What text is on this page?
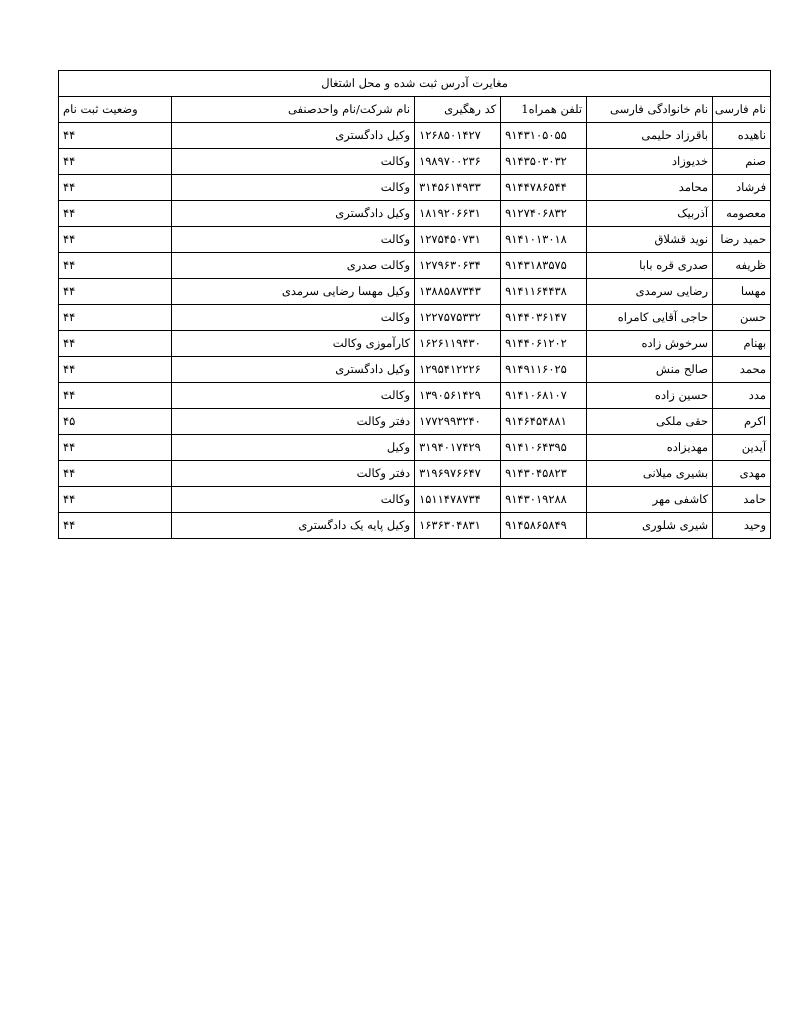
مغایرت آدرس ثبت شده و محل اشتغال					
نام فارسی	نام خانوادگی فارسی	تلفن همراه1	کد رهگیری	نام شرکت/نام واحدصنفی	وضعیت ثبت نام
ناهیده	باقرزاد حلیمی	۹۱۴۳۱۰۵۰۵۵	۱۲۶۸۵۰۱۴۲۷	وکیل دادگستری	۴۴
صنم	خدیوزاد	۹۱۴۳۵۰۳۰۳۲	۱۹۸۹۷۰۰۲۳۶	وکالت	۴۴
فرشاد	محامد	۹۱۴۴۷۸۶۵۴۴	۳۱۴۵۶۱۴۹۳۳	وکالت	۴۴
معصومه	آذربیک	۹۱۲۷۴۰۶۸۳۲	۱۸۱۹۲۰۶۶۳۱	وکیل دادگستری	۴۴
حمید رضا	نوید قشلاق	۹۱۴۱۰۱۳۰۱۸	۱۲۷۵۴۵۰۷۳۱	وکالت	۴۴
ظریفه	صدری قره بابا	۹۱۴۳۱۸۳۵۷۵	۱۲۷۹۶۳۰۶۳۴	وکالت صدری	۴۴
مهسا	رضایی سرمدی	۹۱۴۱۱۶۴۴۳۸	۱۳۸۸۵۸۷۳۴۳	وکیل مهسا رضایی سرمدی	۴۴
حسن	حاجی آقایی کامراه	۹۱۴۴۰۳۶۱۴۷	۱۲۲۷۵۷۵۳۳۲	وکالت	۴۴
بهنام	سرخوش زاده	۹۱۴۴۰۶۱۲۰۲	۱۶۲۶۱۱۹۴۳۰	کارآموزی وکالت	۴۴
محمد	صالح منش	۹۱۴۹۱۱۶۰۲۵	۱۲۹۵۴۱۲۲۲۶	وکیل دادگستری	۴۴
مدد	حسین زاده	۹۱۴۱۰۶۸۱۰۷	۱۳۹۰۵۶۱۴۲۹	وکالت	۴۴
اکرم	حقی ملکی	۹۱۴۶۴۵۴۸۸۱	۱۷۷۲۹۹۳۲۴۰	دفتر وکالت	۴۵
آیدین	مهدیزاده	۹۱۴۱۰۶۴۳۹۵	۳۱۹۴۰۱۷۴۲۹	وکیل	۴۴
مهدی	بشیری میلانی	۹۱۴۳۰۴۵۸۲۳	۳۱۹۶۹۷۶۶۴۷	دفتر وکالت	۴۴
حامد	کاشفی مهر	۹۱۴۳۰۱۹۲۸۸	۱۵۱۱۴۷۸۷۳۴	وکالت	۴۴
وحید	شیری شلوری	۹۱۴۵۸۶۵۸۴۹	۱۶۳۶۳۰۴۸۳۱	وکیل پایه یک دادگستری	۴۴
